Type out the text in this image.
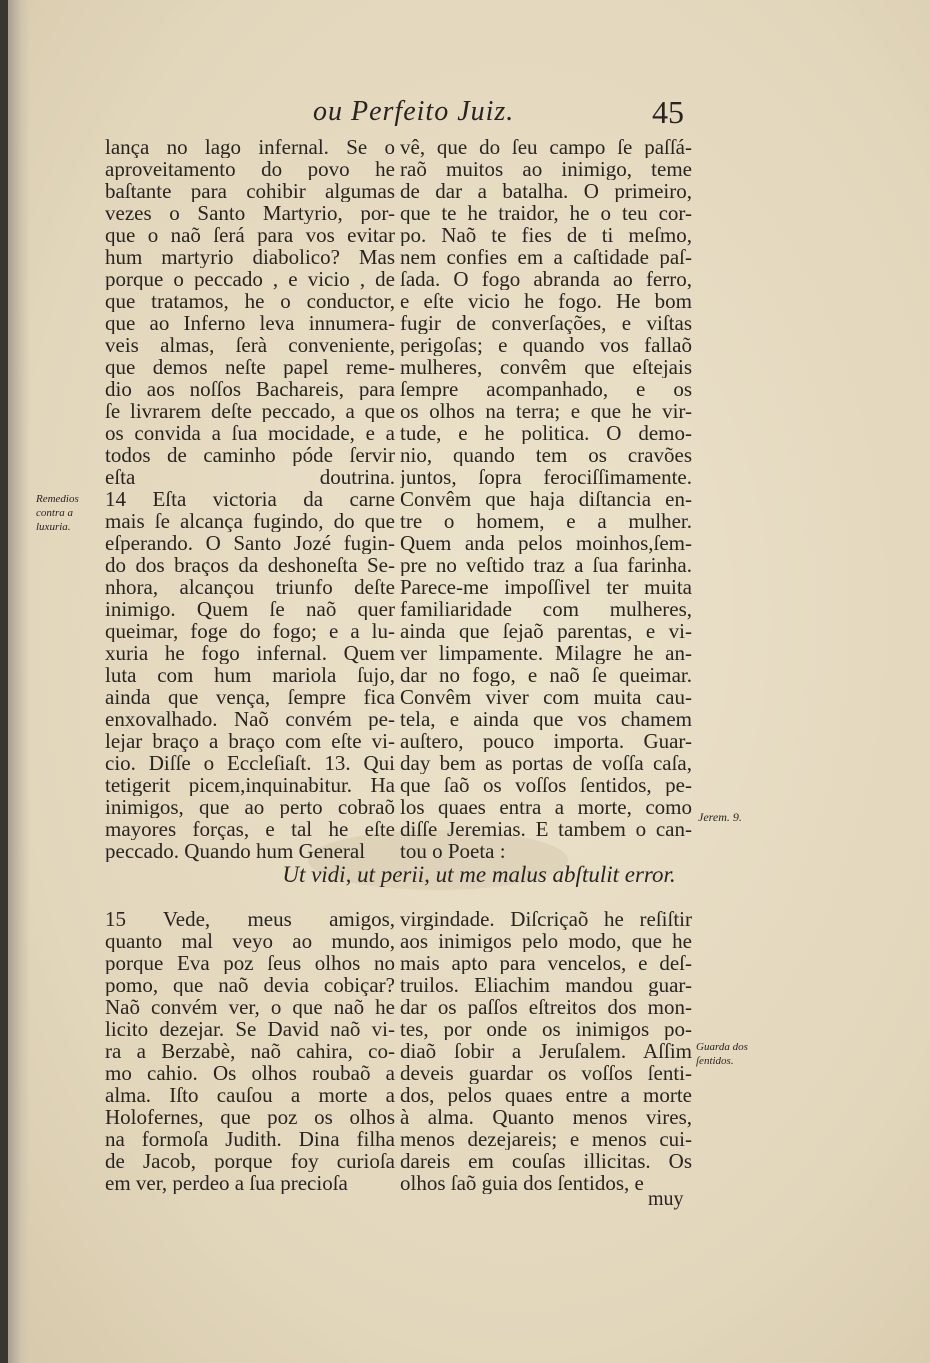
ou Perfeito Juiz.	45
lança no lago infernal. Se o
aproveitamento do povo he
baſtante para cohibir algumas
vezes o Santo Martyrio, por-
que o naõ ſerá para vos evitar
hum martyrio diabolico? Mas
porque o peccado , e vicio , de
que tratamos, he o conductor,
que ao Inferno leva innumera-
veis almas, ſerà conveniente,
que demos neſte papel reme-
dio aos noſſos Bachareis, para
ſe livrarem deſte peccado, a que
os convida a ſua mocidade, e a
todos de caminho póde ſervir
eſta doutrina.
14 Eſta victoria da carne
mais ſe alcança fugindo, do que
eſperando. O Santo Jozé fugin-
do dos braços da deshoneſta Se-
nhora, alcançou triunfo deſte
inimigo. Quem ſe naõ quer
queimar, foge do fogo; e a lu-
xuria he fogo infernal. Quem
luta com hum mariola ſujo,
ainda que vença, ſempre fica
enxovalhado. Naõ convém pe-
lejar braço a braço com eſte vi-
cio. Diſſe o Eccleſiaſt. 13. Qui
tetigerit picem,inquinabitur. Ha
inimigos, que ao perto cobraõ
mayores forças, e tal he eſte
peccado. Quando hum General
vê, que do ſeu campo ſe paſſá-
raõ muitos ao inimigo, teme
de dar a batalha. O primeiro,
que te he traidor, he o teu cor-
po. Naõ te fies de ti meſmo,
nem confies em a caſtidade paſ-
ſada. O fogo abranda ao ferro,
e eſte vicio he fogo. He bom
fugir de converſações, e viſtas
perigoſas; e quando vos fallaõ
mulheres, convêm que eſtejais
ſempre acompanhado, e os
os olhos na terra; e que he vir-
tude, e he politica. O demo-
nio, quando tem os cravões
juntos, ſopra ferociſſimamente.
Convêm que haja diſtancia en-
tre o homem, e a mulher.
Quem anda pelos moinhos,ſem-
pre no veſtido traz a ſua farinha.
Parece-me impoſſivel ter muita
familiaridade com mulheres,
ainda que ſejaõ parentas, e vi-
ver limpamente. Milagre he an-
dar no fogo, e naõ ſe queimar.
Convêm viver com muita cau-
tela, e ainda que vos chamem
auſtero, pouco importa. Guar-
day bem as portas de voſſa caſa,
que ſaõ os voſſos ſentidos, pe-
los quaes entra a morte, como
diſſe Jeremias. E tambem o can-
tou o Poeta :
Ut vidi, ut perii, ut me malus abſtulit error.
15 Vede, meus amigos,
quanto mal veyo ao mundo,
porque Eva poz ſeus olhos no
pomo, que naõ devia cobiçar?
Naõ convém ver, o que naõ he
licito dezejar. Se David naõ vi-
ra a Berzabè, naõ cahira, co-
mo cahio. Os olhos roubaõ a
alma. Iſto cauſou a morte a
Holofernes, que poz os olhos
na formoſa Judith. Dina filha
de Jacob, porque foy curioſa
em ver, perdeo a ſua precioſa
virgindade. Diſcriçaõ he reſiſtir
aos inimigos pelo modo, que he
mais apto para vencelos, e deſ-
truilos. Eliachim mandou guar-
dar os paſſos eſtreitos dos mon-
tes, por onde os inimigos po-
diaõ ſobir a Jeruſalem. Aſſim
deveis guardar os voſſos ſenti-
dos, pelos quaes entre a morte
à alma. Quanto menos vires,
menos dezejareis; e menos cui-
dareis em couſas illicitas. Os
olhos ſaõ guia dos ſentidos, e
Remedios contra a luxuria.
Jerem. 9.
Guarda dos ſentidos.
muy
